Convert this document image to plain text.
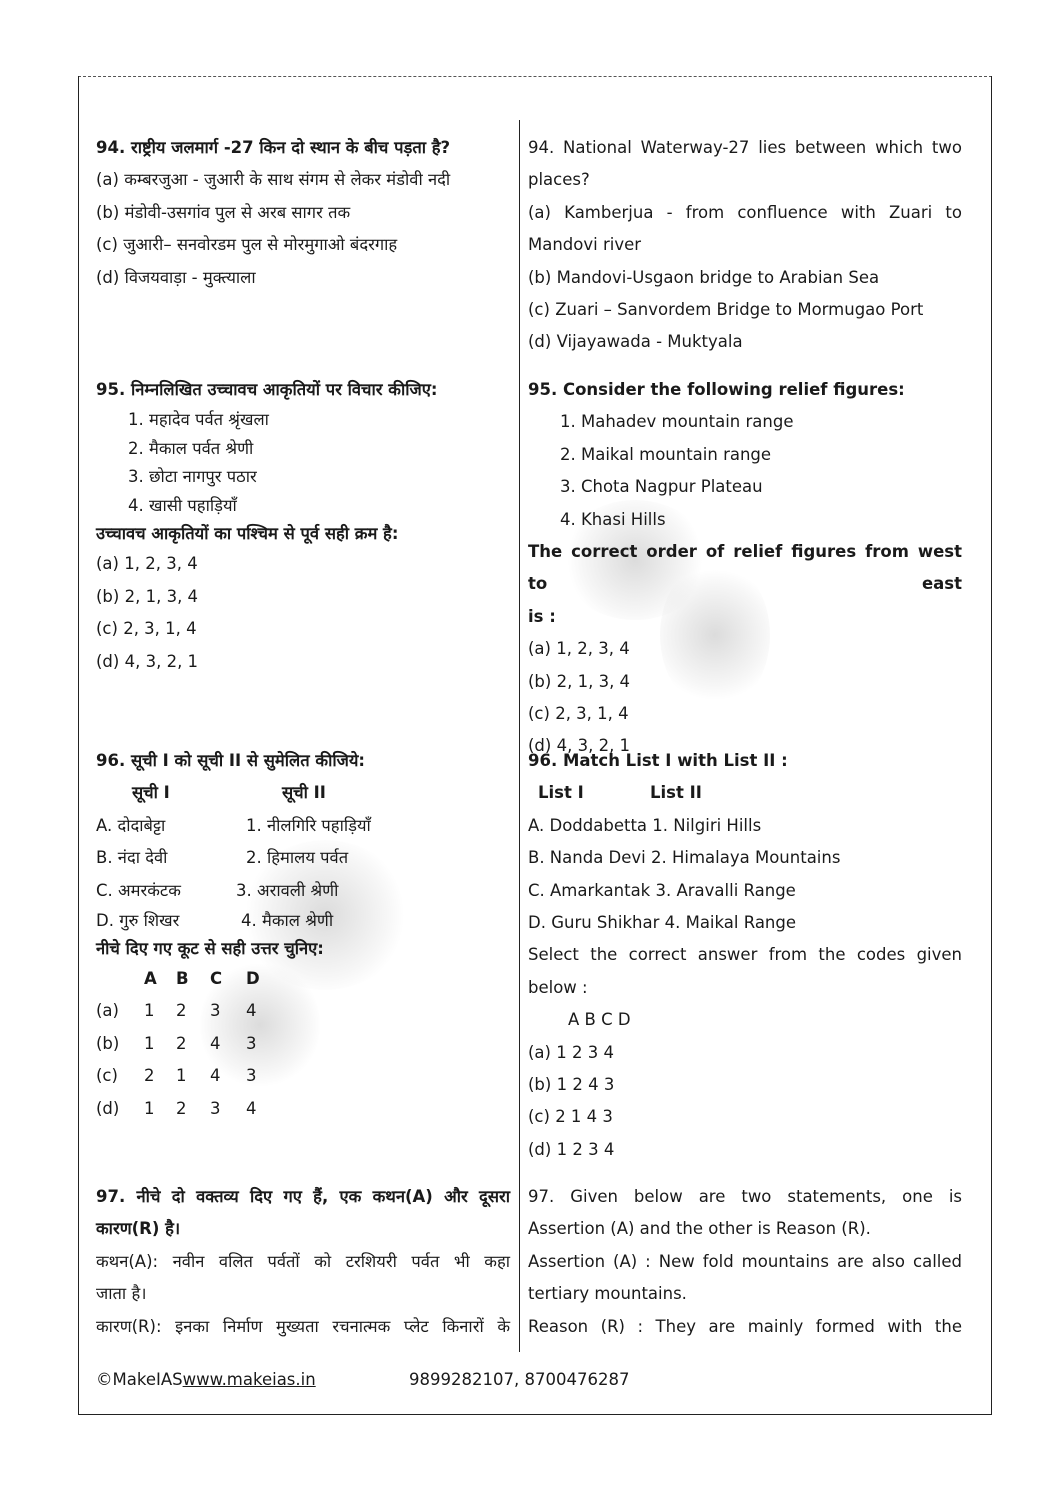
94. राष्ट्रीय जलमार्ग -27 किन दो स्थान के बीच पड़ता है?
(a) कम्बरजुआ - जुआरी के साथ संगम से लेकर मंडोवी नदी
(b) मंडोवी-उसगांव पुल से अरब सागर तक
(c) जुआरी– सनवोरडम पुल से मोरमुगाओ बंदरगाह
(d) विजयवाड़ा - मुक्त्याला
95. निम्नलिखित उच्चावच आकृतियों पर विचार कीजिए:
1. महादेव पर्वत श्रृंखला
2. मैकाल पर्वत श्रेणी
3. छोटा नागपुर पठार
4. खासी पहाड़ियाँ
उच्चावच आकृतियों का पश्चिम से पूर्व सही क्रम है:
(a) 1, 2, 3, 4
(b) 2, 1, 3, 4
(c) 2, 3, 1, 4
(d) 4, 3, 2, 1
96. सूची I को सूची II से सुमेलित कीजिये:
सूची I	सूची II
A. दोदाबेट्टा	1. नीलगिरि पहाड़ियाँ
B. नंदा देवी	2. हिमालय पर्वत
C. अमरकंटक	3. अरावली श्रेणी
D. गुरु शिखर	4. मैकाल श्रेणी
नीचे दिए गए कूट से सही उत्तर चुनिए:
A	B	C	D
(a)	1	2	3	4
(b)	1	2	4	3
(c)	2	1	4	3
(d)	1	2	3	4
97. नीचे दो वक्तव्य दिए गए हैं, एक कथन(A) और दूसरा
कारण(R) है।
कथन(A): नवीन वलित पर्वतों को टरशियरी पर्वत भी कहा
जाता है।
कारण(R): इनका निर्माण मुख्यता रचनात्मक प्लेट किनारों के
94. National Waterway-27 lies between which two
places?
(a) Kamberjua - from confluence with Zuari to
Mandovi river
(b) Mandovi-Usgaon bridge to Arabian Sea
(c) Zuari – Sanvordem Bridge to Mormugao Port
(d) Vijayawada - Muktyala
95. Consider the following relief figures:
1. Mahadev mountain range
2. Maikal mountain range
3. Chota Nagpur Plateau
4. Khasi Hills
The correct order of relief figures from west to east
is :
(a) 1, 2, 3, 4
(b) 2, 1, 3, 4
(c) 2, 3, 1, 4
(d) 4, 3, 2, 1
96. Match List I with List II :
List I	List II
A. Doddabetta 1. Nilgiri Hills
B. Nanda Devi 2. Himalaya Mountains
C. Amarkantak 3. Aravalli Range
D. Guru Shikhar 4. Maikal Range
Select the correct answer from the codes given
below :
A B C D
(a) 1 2 3 4
(b) 1 2 4 3
(c) 2 1 4 3
(d) 1 2 3 4
97. Given below are two statements, one is
Assertion (A) and the other is Reason (R).
Assertion (A) : New fold mountains are also called
tertiary mountains.
Reason (R) : They are mainly formed with the
©MakeIASwww.makeias.in	9899282107, 8700476287
